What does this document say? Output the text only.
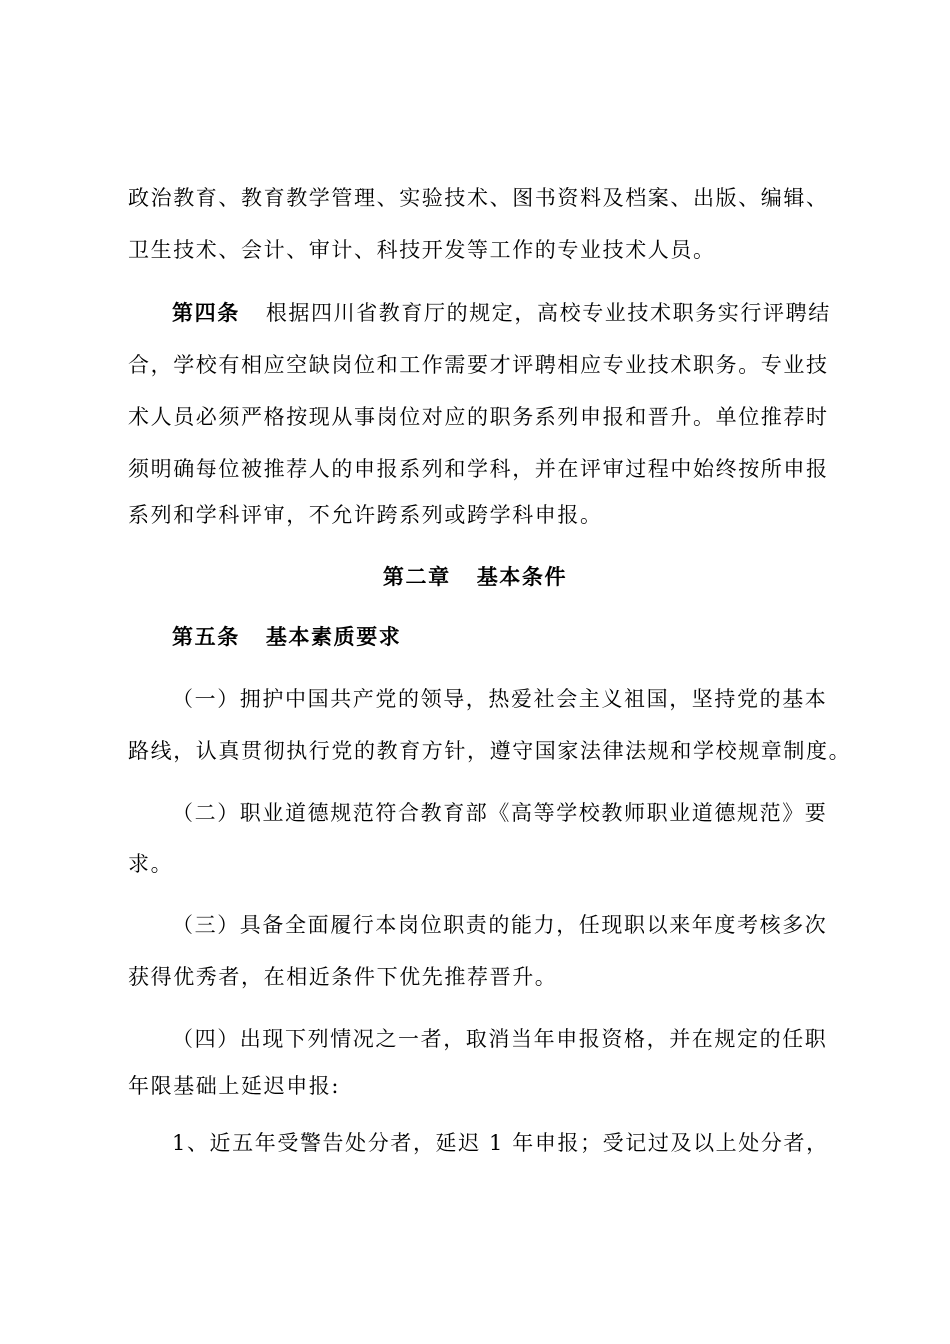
政治教育、教育教学管理、实验技术、图书资料及档案、出版、编辑、
卫生技术、会计、审计、科技开发等工作的专业技术人员。
第四条 根据四川省教育厅的规定，高校专业技术职务实行评聘结
合，学校有相应空缺岗位和工作需要才评聘相应专业技术职务。专业技
术人员必须严格按现从事岗位对应的职务系列申报和晋升。单位推荐时
须明确每位被推荐人的申报系列和学科，并在评审过程中始终按所申报
系列和学科评审，不允许跨系列或跨学科申报。
第二章 基本条件
第五条 基本素质要求
（一）拥护中国共产党的领导，热爱社会主义祖国，坚持党的基本
路线，认真贯彻执行党的教育方针，遵守国家法律法规和学校规章制度。
（二）职业道德规范符合教育部《高等学校教师职业道德规范》要
求。
（三）具备全面履行本岗位职责的能力，任现职以来年度考核多次
获得优秀者，在相近条件下优先推荐晋升。
（四）出现下列情况之一者，取消当年申报资格，并在规定的任职
年限基础上延迟申报:
1、近五年受警告处分者，延迟 1 年申报；受记过及以上处分者，
